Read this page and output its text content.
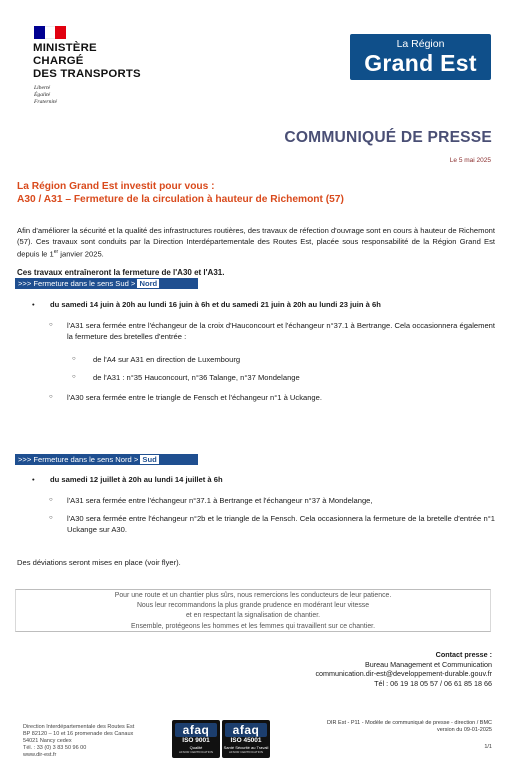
MINISTÈRE
CHARGÉ
DES TRANSPORTS
Liberté
Égalité
Fraternité
La Région
Grand Est
COMMUNIQUÉ DE PRESSE
Le 5 mai 2025
La Région Grand Est investit pour vous :
A30 / A31 – Fermeture de la circulation à hauteur de Richemont (57)
Afin d'améliorer la sécurité et la qualité des infrastructures routières, des travaux de réfection d'ouvrage sont en cours à hauteur de Richemont (57). Ces travaux sont conduits par la Direction Interdépartementale des Routes Est, placée sous responsabilité de la Région Grand Est depuis le 1er janvier 2025.
Ces travaux entraîneront la fermeture de l'A30 et l'A31.
>>> Fermeture dans le sens Sud > Nord
• du samedi 14 juin à 20h au lundi 16 juin à 6h et du samedi 21 juin à 20h au lundi 23 juin à 6h
○	l'A31 sera fermée entre l'échangeur de la croix d'Hauconcourt et l'échangeur n°37.1 à Bertrange. Cela occasionnera également la fermeture des bretelles d'entrée :
○ de l'A4 sur A31 en direction de Luxembourg
○ de l'A31 : n°35 Hauconcourt, n°36 Talange, n°37 Mondelange
○	l'A30 sera fermée entre le triangle de Fensch et l'échangeur n°1 à Uckange.
>>> Fermeture dans le sens Nord > Sud
• du samedi 12 juillet à 20h au lundi 14 juillet à 6h
○	l'A31 sera fermée entre l'échangeur n°37.1 à Bertrange et l'échangeur n°37 à Mondelange,
○	l'A30 sera fermée entre l'échangeur n°2b et le triangle de la Fensch. Cela occasionnera la fermeture de la bretelle d'entrée n°1 Uckange sur A30.
Des déviations seront mises en place (voir flyer).
Pour une route et un chantier plus sûrs, nous remercions les conducteurs de leur patience.
Nous leur recommandons la plus grande prudence en modérant leur vitesse
et en respectant la signalisation de chantier.
Ensemble, protégeons les hommes et les femmes qui travaillent sur ce chantier.
Contact presse :
Bureau Management et Communication
communication.dir-est@developpement-durable.gouv.fr
Tél : 06 19 18 05 57 / 06 61 85 18 66
Direction Interdépartementale des Routes Est
BP 82120 – 10 et 16 promenade des Canaux
54021 Nancy cedex
Tél. : 33 (0) 3 83 50 96 00
www.dir-est.fr
afaq
ISO 9001
Qualité
AFNOR CERTIFICATION
afaq
ISO 45001
Santé Sécurité au Travail
AFNOR CERTIFICATION
DIR Est - P11 - Modèle de communiqué de presse - direction / BMC
version du 09-01-2025
1/1
